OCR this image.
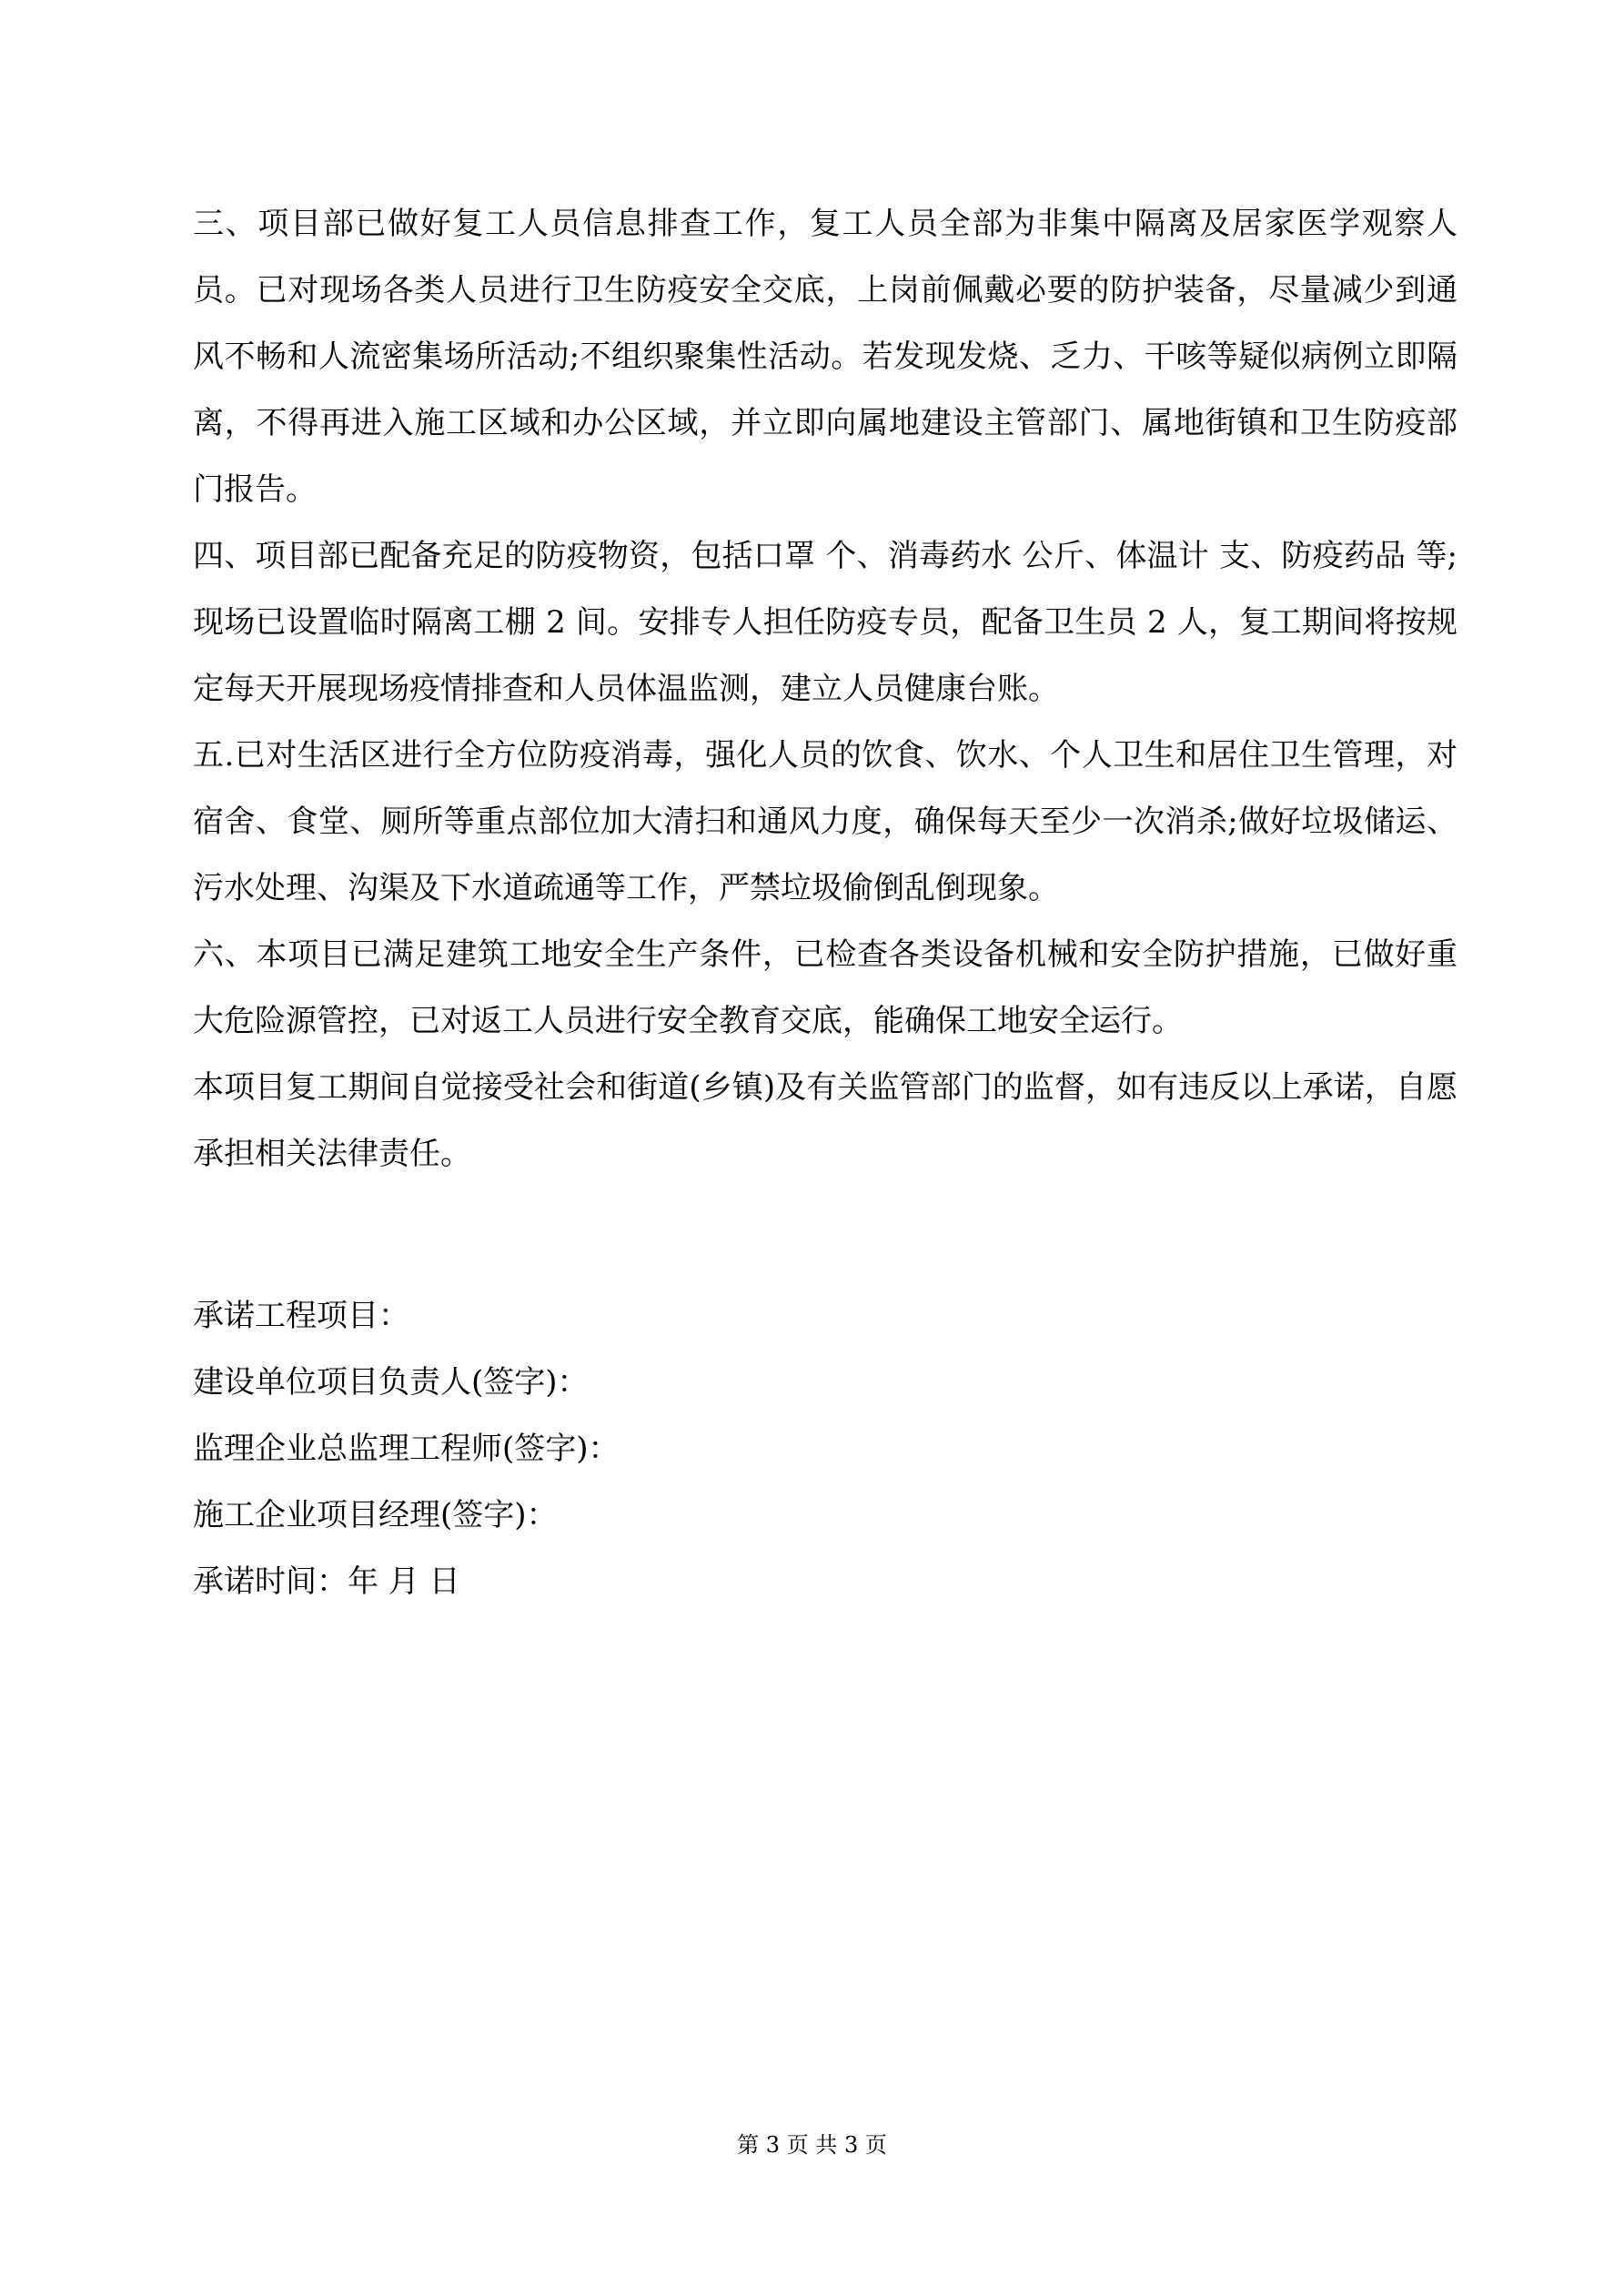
三、项目部已做好复工人员信息排查工作，复工人员全部为非集中隔离及居家医学观察人员。已对现场各类人员进行卫生防疫安全交底，上岗前佩戴必要的防护装备，尽量减少到通风不畅和人流密集场所活动;不组织聚集性活动。若发现发烧、乏力、干咳等疑似病例立即隔离，不得再进入施工区域和办公区域，并立即向属地建设主管部门、属地街镇和卫生防疫部门报告。

四、项目部已配备充足的防疫物资，包括口罩 个、消毒药水 公斤、体温计 支、防疫药品 等;现场已设置临时隔离工棚 2 间。安排专人担任防疫专员，配备卫生员 2 人，复工期间将按规定每天开展现场疫情排查和人员体温监测，建立人员健康台账。

五.已对生活区进行全方位防疫消毒，强化人员的饮食、饮水、个人卫生和居住卫生管理，对宿舍、食堂、厕所等重点部位加大清扫和通风力度，确保每天至少一次消杀;做好垃圾储运、污水处理、沟渠及下水道疏通等工作，严禁垃圾偷倒乱倒现象。

六、本项目已满足建筑工地安全生产条件，已检查各类设备机械和安全防护措施，已做好重大危险源管控，已对返工人员进行安全教育交底，能确保工地安全运行。

本项目复工期间自觉接受社会和街道(乡镇)及有关监管部门的监督，如有违反以上承诺，自愿承担相关法律责任。

承诺工程项目：

建设单位项目负责人(签字)：

监理企业总监理工程师(签字)：

施工企业项目经理(签字)：

承诺时间：年 月 日

第 3 页 共 3 页
